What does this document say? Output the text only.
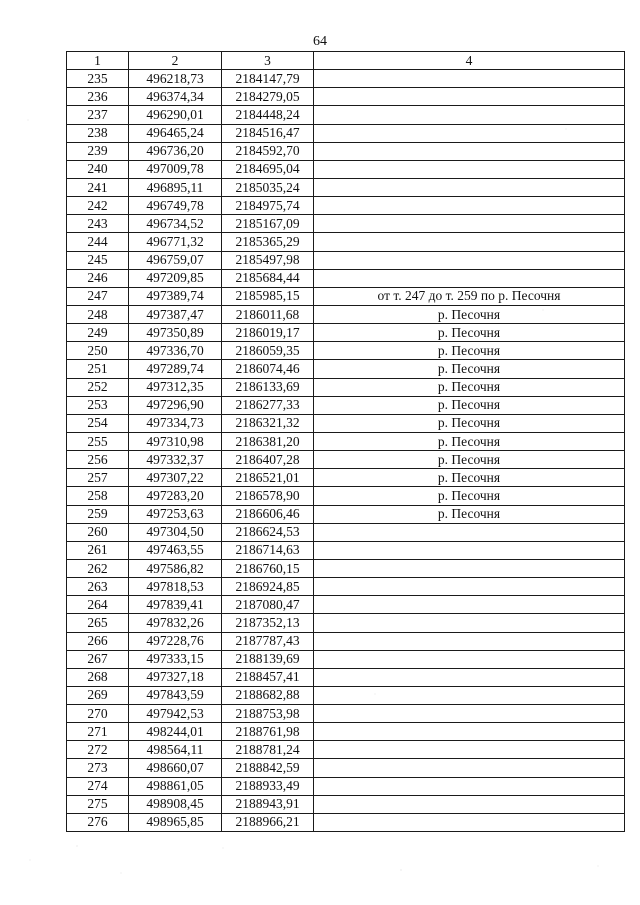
64
1	2	3	4
235	496218,73	2184147,79	
236	496374,34	2184279,05	
237	496290,01	2184448,24	
238	496465,24	2184516,47	
239	496736,20	2184592,70	
240	497009,78	2184695,04	
241	496895,11	2185035,24	
242	496749,78	2184975,74	
243	496734,52	2185167,09	
244	496771,32	2185365,29	
245	496759,07	2185497,98	
246	497209,85	2185684,44	
247	497389,74	2185985,15	от т. 247 до т. 259 по р. Песочня
248	497387,47	2186011,68	р. Песочня
249	497350,89	2186019,17	р. Песочня
250	497336,70	2186059,35	р. Песочня
251	497289,74	2186074,46	р. Песочня
252	497312,35	2186133,69	р. Песочня
253	497296,90	2186277,33	р. Песочня
254	497334,73	2186321,32	р. Песочня
255	497310,98	2186381,20	р. Песочня
256	497332,37	2186407,28	р. Песочня
257	497307,22	2186521,01	р. Песочня
258	497283,20	2186578,90	р. Песочня
259	497253,63	2186606,46	р. Песочня
260	497304,50	2186624,53	
261	497463,55	2186714,63	
262	497586,82	2186760,15	
263	497818,53	2186924,85	
264	497839,41	2187080,47	
265	497832,26	2187352,13	
266	497228,76	2187787,43	
267	497333,15	2188139,69	
268	497327,18	2188457,41	
269	497843,59	2188682,88	
270	497942,53	2188753,98	
271	498244,01	2188761,98	
272	498564,11	2188781,24	
273	498660,07	2188842,59	
274	498861,05	2188933,49	
275	498908,45	2188943,91	
276	498965,85	2188966,21	
